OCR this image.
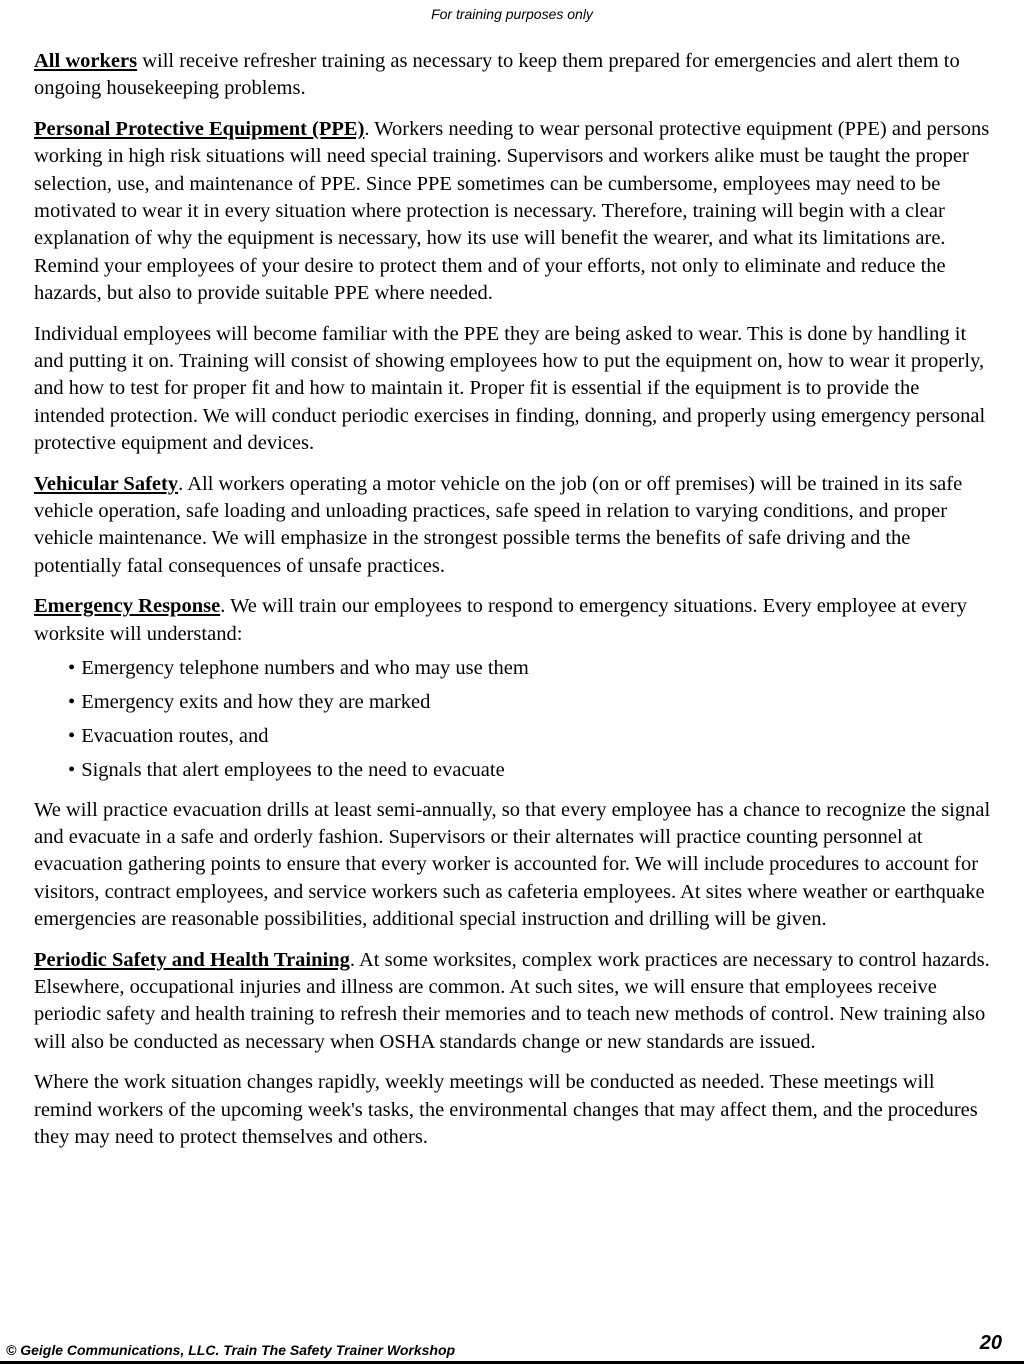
For training purposes only

All workers will receive refresher training as necessary to keep them prepared for emergencies and alert them to ongoing housekeeping problems.

Personal Protective Equipment (PPE). Workers needing to wear personal protective equipment (PPE) and persons working in high risk situations will need special training. Supervisors and workers alike must be taught the proper selection, use, and maintenance of PPE. Since PPE sometimes can be cumbersome, employees may need to be motivated to wear it in every situation where protection is necessary. Therefore, training will begin with a clear explanation of why the equipment is necessary, how its use will benefit the wearer, and what its limitations are. Remind your employees of your desire to protect them and of your efforts, not only to eliminate and reduce the hazards, but also to provide suitable PPE where needed.

Individual employees will become familiar with the PPE they are being asked to wear. This is done by handling it and putting it on. Training will consist of showing employees how to put the equipment on, how to wear it properly, and how to test for proper fit and how to maintain it. Proper fit is essential if the equipment is to provide the intended protection. We will conduct periodic exercises in finding, donning, and properly using emergency personal protective equipment and devices.

Vehicular Safety. All workers operating a motor vehicle on the job (on or off premises) will be trained in its safe vehicle operation, safe loading and unloading practices, safe speed in relation to varying conditions, and proper vehicle maintenance. We will emphasize in the strongest possible terms the benefits of safe driving and the potentially fatal consequences of unsafe practices.

Emergency Response. We will train our employees to respond to emergency situations. Every employee at every worksite will understand:

• Emergency telephone numbers and who may use them
• Emergency exits and how they are marked
• Evacuation routes, and
• Signals that alert employees to the need to evacuate

We will practice evacuation drills at least semi-annually, so that every employee has a chance to recognize the signal and evacuate in a safe and orderly fashion. Supervisors or their alternates will practice counting personnel at evacuation gathering points to ensure that every worker is accounted for. We will include procedures to account for visitors, contract employees, and service workers such as cafeteria employees. At sites where weather or earthquake emergencies are reasonable possibilities, additional special instruction and drilling will be given.

Periodic Safety and Health Training. At some worksites, complex work practices are necessary to control hazards. Elsewhere, occupational injuries and illness are common. At such sites, we will ensure that employees receive periodic safety and health training to refresh their memories and to teach new methods of control. New training also will also be conducted as necessary when OSHA standards change or new standards are issued.

Where the work situation changes rapidly, weekly meetings will be conducted as needed. These meetings will remind workers of the upcoming week's tasks, the environmental changes that may affect them, and the procedures they may need to protect themselves and others.

© Geigle Communications, LLC. Train The Safety Trainer Workshop	20
